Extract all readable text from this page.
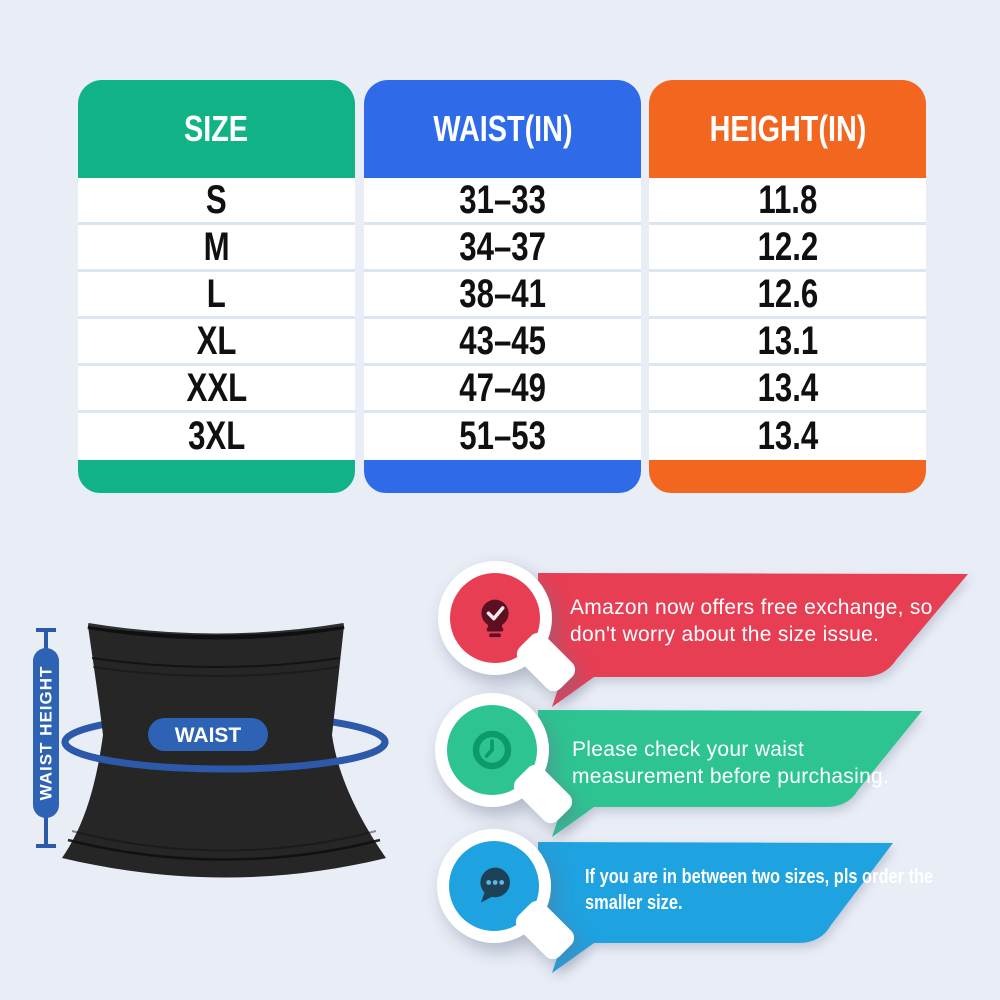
SIZE
S
M
L
XL
XXL
3XL
WAIST(IN)
31–33
34–37
38–41
43–45
47–49
51–53
HEIGHT(IN)
11.8
12.2
12.6
13.1
13.4
13.4
WAIST
WAIST HEIGHT
Amazon now offers free exchange, so don't worry about the size issue.
Please check your waist measurement before purchasing.
If you are in between two sizes, pls order the smaller size.
